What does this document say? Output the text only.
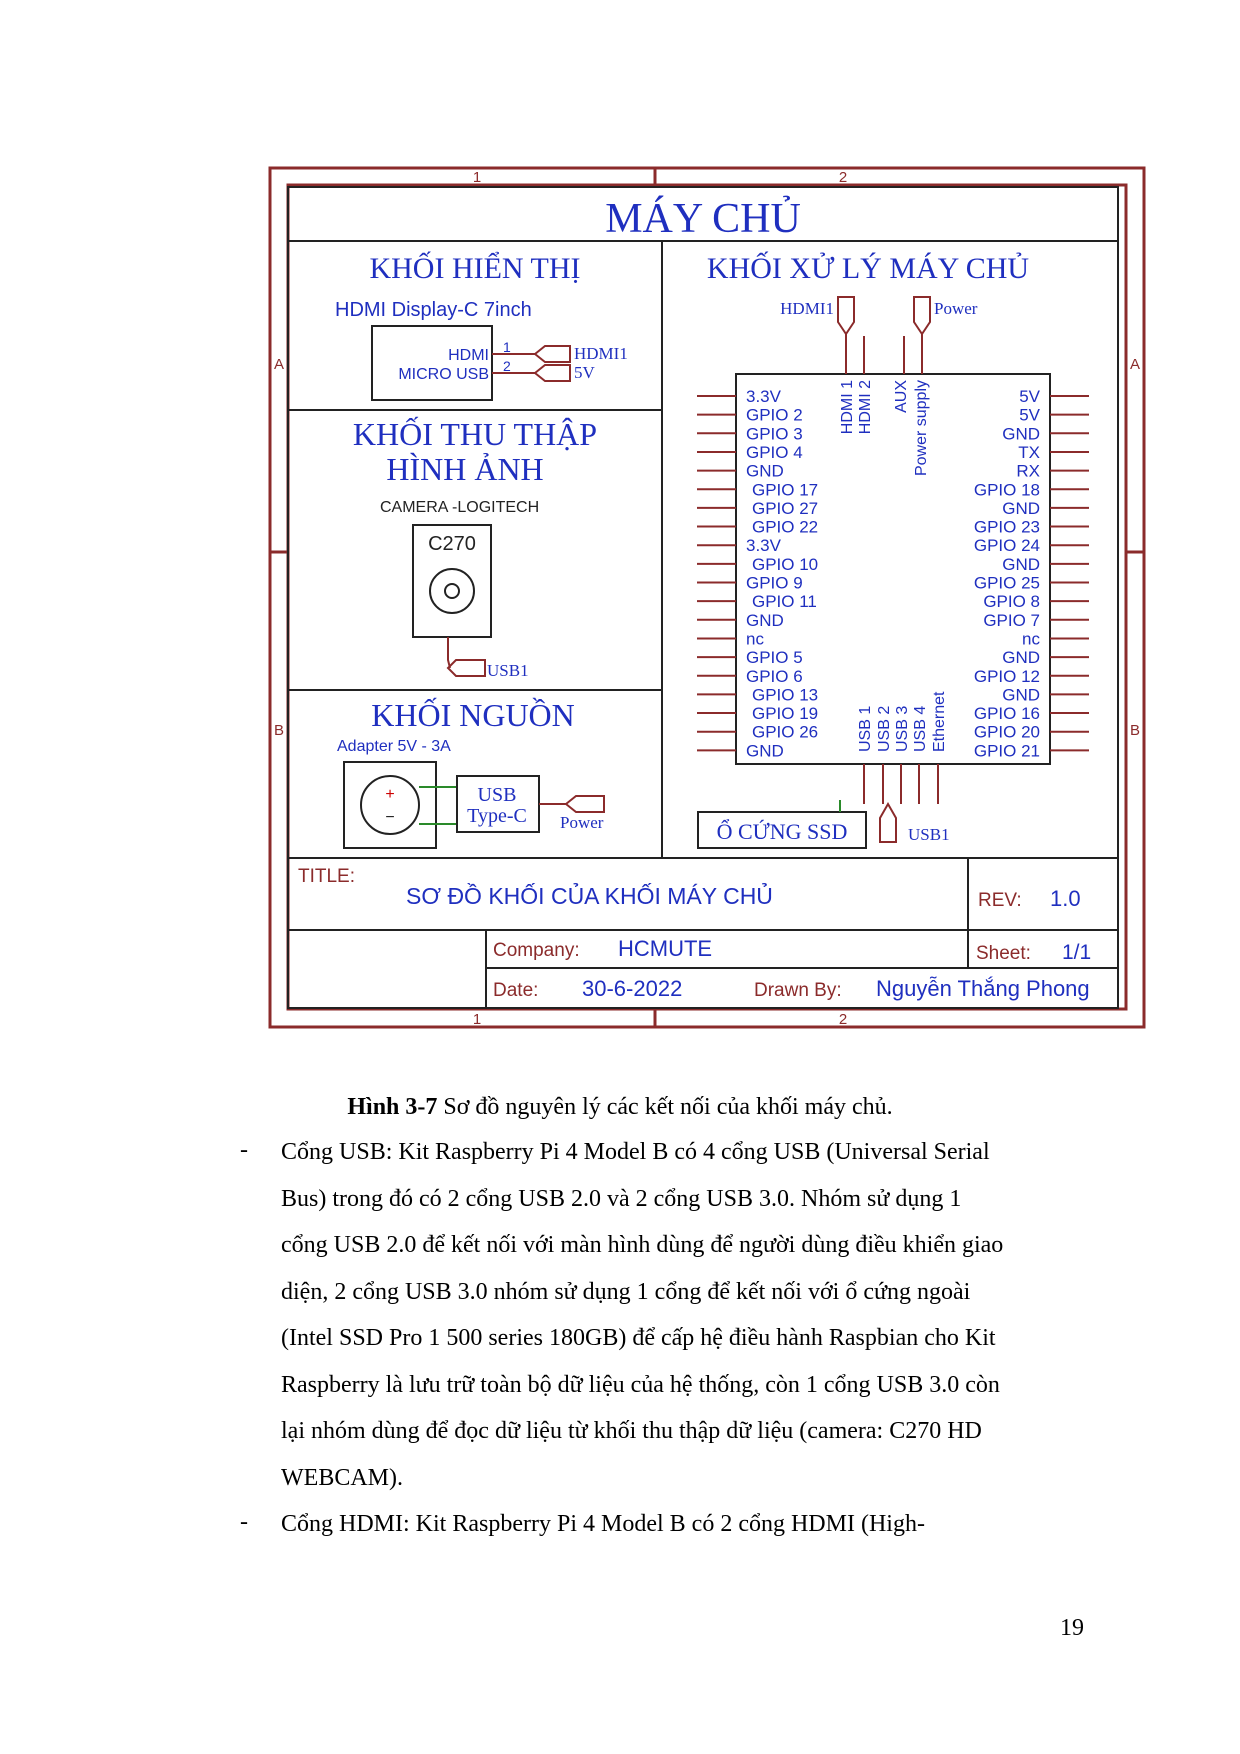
1	2
1	2
A	A
B	B
MÁY CHỦ
KHỐI HIỂN THỊ
KHỐI THU THẬP
HÌNH ẢNH
KHỐI NGUỒN
KHỐI XỬ LÝ MÁY CHỦ
HDMI Display-C 7inch
HDMI
MICRO USB
1
2
HDMI1
5V
CAMERA -LOGITECH
C270
USB1
Adapter 5V - 3A
+
−
USB
Type-C Power
HDMI1	Power
3.3V
GPIO 2
GPIO 3
GPIO 4
GND
GPIO 17
GPIO 27
GPIO 22
3.3V
GPIO 10
GPIO 9
GPIO 11
GND
nc
GPIO 5
GPIO 6
GPIO 13
GPIO 19
GPIO 26
GND
5V
5V
GND
TX
RX
GPIO 18
GND
GPIO 23
GPIO 24
GND
GPIO 25
GPIO 8
GPIO 7
nc
GND
GPIO 12
GND
GPIO 16
GPIO 20
GPIO 21
HDMI 1 HDMI 2 AUX Power supply
USB 1 USB 2 USB 3 USB 4 Ethernet
Ổ CỨNG SSD	USB1
TITLE:
SƠ ĐỒ KHỐI CỦA KHỐI MÁY CHỦ	REV: 1.0
Company: HCMUTE	Sheet: 1/1
Date: 30-6-2022	Drawn By: Nguyễn Thắng Phong
Hình 3-7 Sơ đồ nguyên lý các kết nối của khối máy chủ.
- Cổng USB: Kit Raspberry Pi 4 Model B có 4 cổng USB (Universal Serial
Bus) trong đó có 2 cổng USB 2.0 và 2 cổng USB 3.0. Nhóm sử dụng 1
cổng USB 2.0 để kết nối với màn hình dùng để người dùng điều khiển giao
diện, 2 cổng USB 3.0 nhóm sử dụng 1 cổng để kết nối với ổ cứng ngoài
(Intel SSD Pro 1 500 series 180GB) để cấp hệ điều hành Raspbian cho Kit
Raspberry là lưu trữ toàn bộ dữ liệu của hệ thống, còn 1 cổng USB 3.0 còn
lại nhóm dùng để đọc dữ liệu từ khối thu thập dữ liệu (camera: C270 HD
WEBCAM).
- Cổng HDMI: Kit Raspberry Pi 4 Model B có 2 cổng HDMI (High-
19
